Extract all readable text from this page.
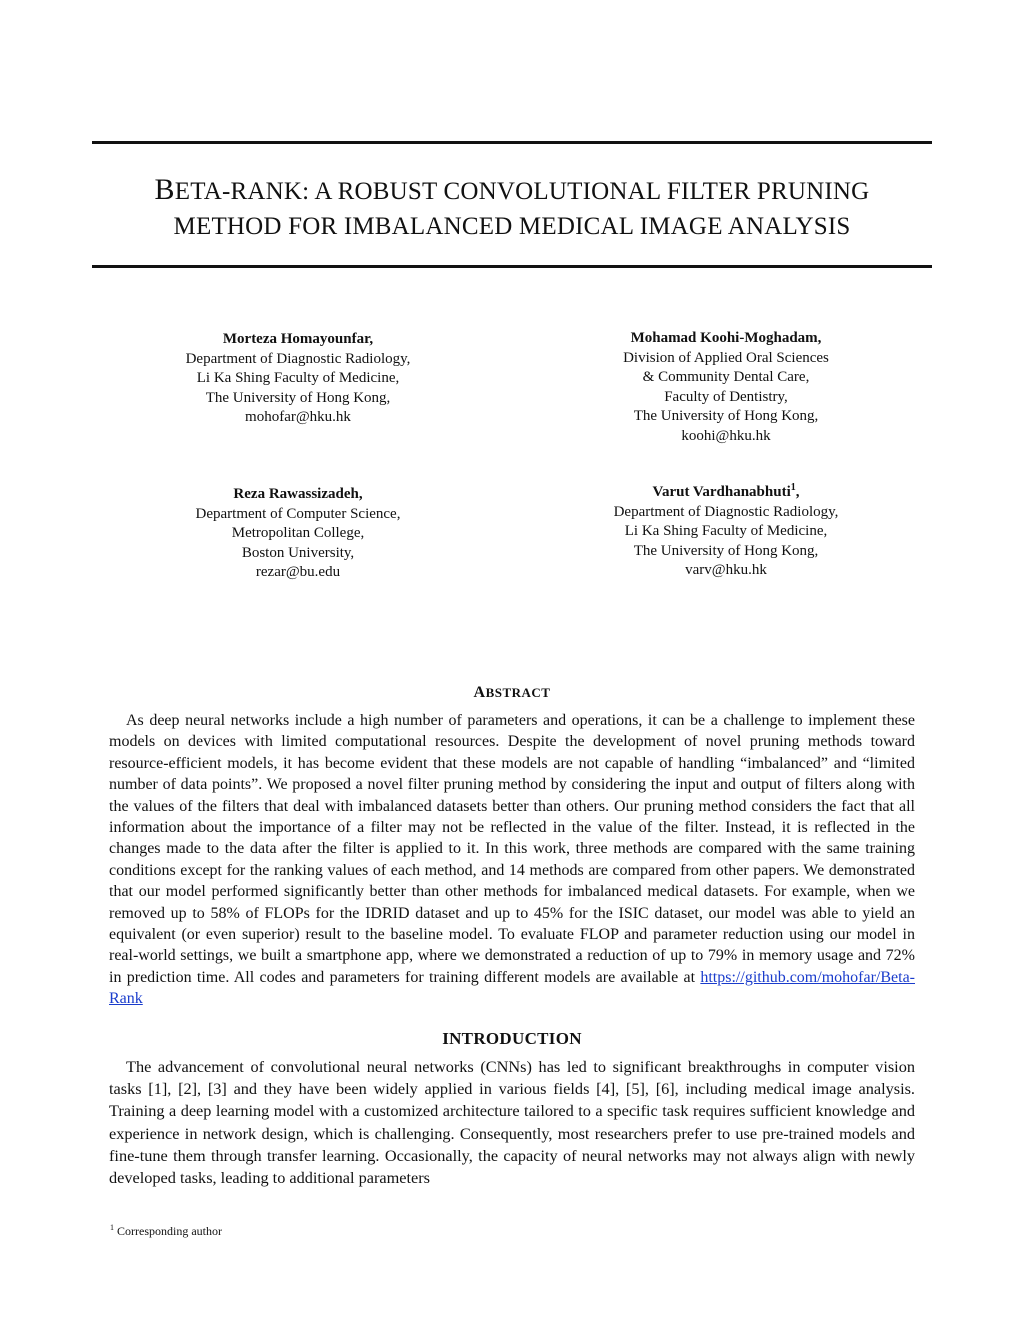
BETA-RANK: A ROBUST CONVOLUTIONAL FILTER PRUNING
METHOD FOR IMBALANCED MEDICAL IMAGE ANALYSIS
Morteza Homayounfar,
Department of Diagnostic Radiology,
Li Ka Shing Faculty of Medicine,
The University of Hong Kong,
mohofar@hku.hk
Mohamad Koohi-Moghadam,
Division of Applied Oral Sciences
& Community Dental Care,
Faculty of Dentistry,
The University of Hong Kong,
koohi@hku.hk
Reza Rawassizadeh,
Department of Computer Science,
Metropolitan College,
Boston University,
rezar@bu.edu
Varut Vardhanabhuti$^1$,
Department of Diagnostic Radiology,
Li Ka Shing Faculty of Medicine,
The University of Hong Kong,
varv@hku.hk
ABSTRACT

As deep neural networks include a high number of parameters and operations, it can be a challenge to implement these models on devices with limited computational resources. Despite the development of novel pruning methods toward resource-efficient models, it has become evident that these models are not capable of handling “imbalanced” and “limited number of data points”. We proposed a novel filter pruning method by considering the input and output of filters along with the values of the filters that deal with imbalanced datasets better than others. Our pruning method considers the fact that all information about the importance of a filter may not be reflected in the value of the filter. Instead, it is reflected in the changes made to the data after the filter is applied to it. In this work, three methods are compared with the same training conditions except for the ranking values of each method, and 14 methods are compared from other papers. We demonstrated that our model performed significantly better than other methods for imbalanced medical datasets. For example, when we removed up to 58% of FLOPs for the IDRID dataset and up to 45% for the ISIC dataset, our model was able to yield an equivalent (or even superior) result to the baseline model. To evaluate FLOP and parameter reduction using our model in real-world settings, we built a smartphone app, where we demonstrated a reduction of up to 79% in memory usage and 72% in prediction time. All codes and parameters for training different models are available at https://github.com/mohofar/Beta-Rank

INTRODUCTION

The advancement of convolutional neural networks (CNNs) has led to significant breakthroughs in computer vision tasks [1], [2], [3] and they have been widely applied in various fields [4], [5], [6], including medical image analysis. Training a deep learning model with a customized architecture tailored to a specific task requires sufficient knowledge and experience in network design, which is challenging. Consequently, most researchers prefer to use pre-trained models and fine-tune them through transfer learning. Occasionally, the capacity of neural networks may not always align with newly developed tasks, leading to additional parameters

$^1$ Corresponding author
